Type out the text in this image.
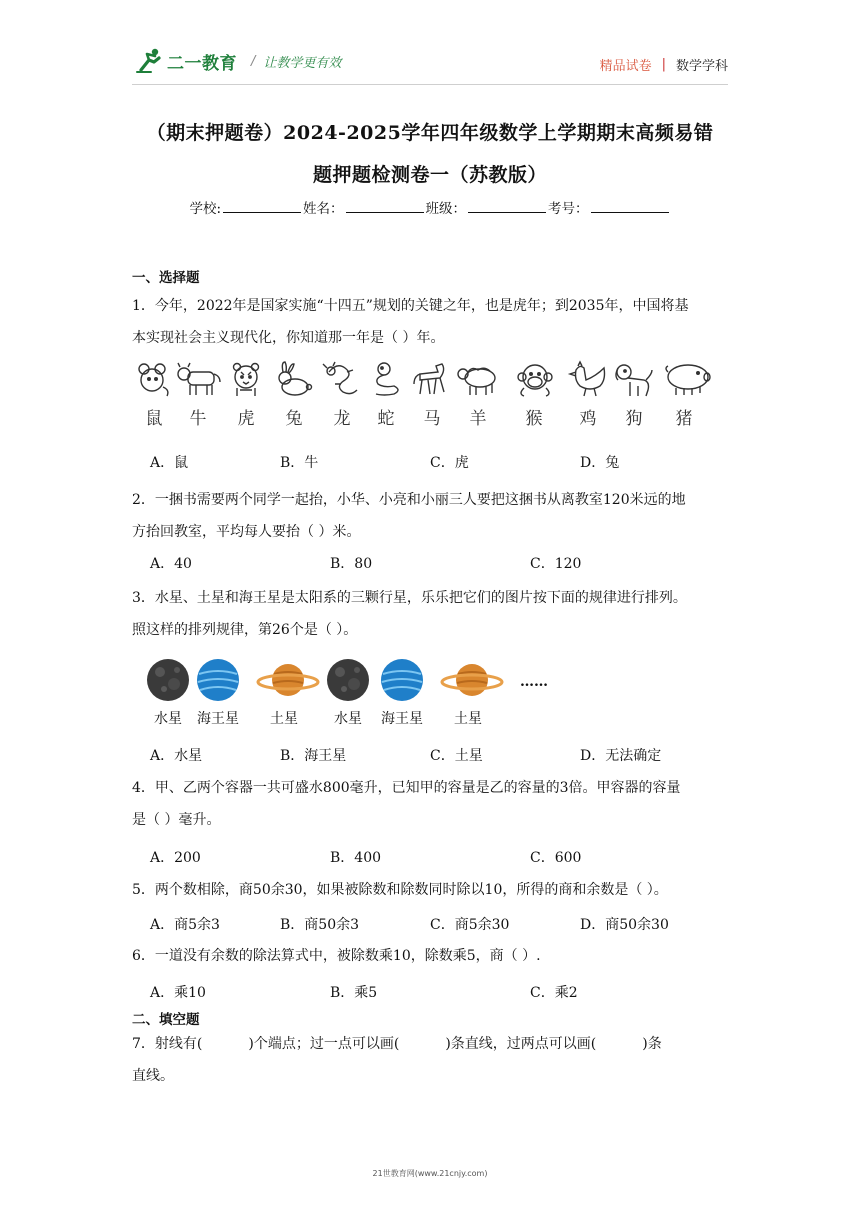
二一教育 / 让教学更有效	精品试卷 | 数学学科
（期末押题卷）2024-2025学年四年级数学上学期期末高频易错
题押题检测卷一（苏教版）
学校:	姓名：	班级：	考号：
一、选择题
1．今年，2022年是国家实施“十四五”规划的关键之年，也是虎年；到2035年，中国将基
本实现社会主义现代化，你知道那一年是（ ）年。
鼠	牛	虎	兔	龙	蛇	马	羊	猴	鸡	狗	猪
A．鼠	B．牛	C．虎	D．兔
2．一捆书需要两个同学一起抬，小华、小亮和小丽三人要把这捆书从离教室120米远的地
方抬回教室，平均每人要抬（ ）米。
A．40	B．80	C．120
3．水星、土星和海王星是太阳系的三颗行星，乐乐把它们的图片按下面的规律进行排列。
照这样的排列规律，第26个是（ ）。
水星	海王星	土星	水星	海王星	土星
……
A．水星	B．海王星	C．土星	D．无法确定
4．甲、乙两个容器一共可盛水800毫升，已知甲的容量是乙的容量的3倍。甲容器的容量
是（ ）毫升。
A．200	B．400	C．600
5．两个数相除，商50余30，如果被除数和除数同时除以10，所得的商和余数是（ ）。
A．商5余3	B．商50余3	C．商5余30	D．商50余30
6．一道没有余数的除法算式中，被除数乘10，除数乘5，商（ ）.
A．乘10	B．乘5	C．乘2
二、填空题
7．射线有(	)个端点；过一点可以画(	)条直线，过两点可以画(	)条
直线。
21世教育网(www.21cnjy.com)
